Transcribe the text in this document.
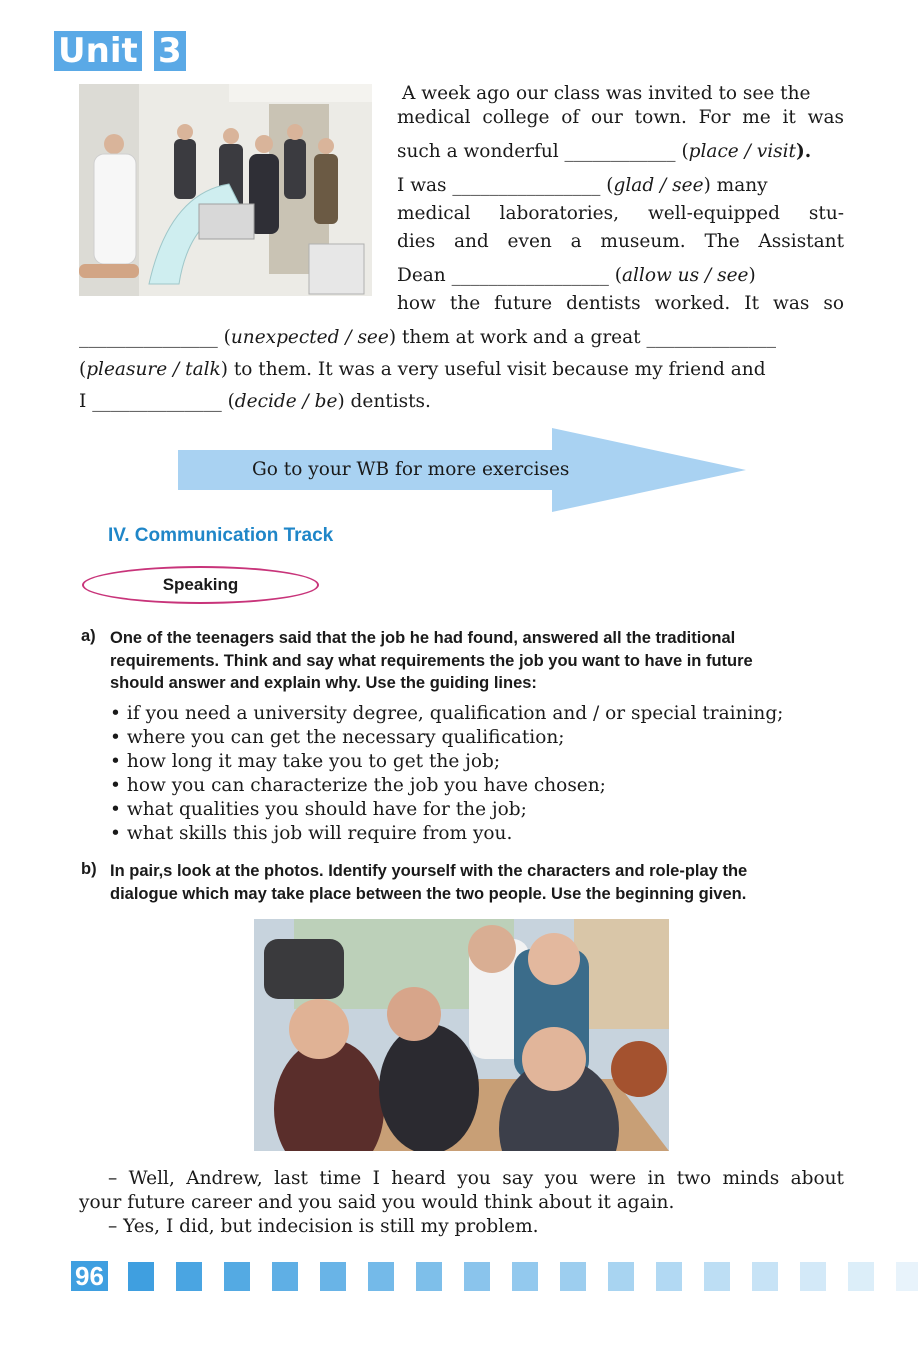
Unit 3
A week ago our class was invited to see the
medical college of our town. For me it was
such a wonderful ____________ (place / visit).
I was ________________ (glad / see) many
medical laboratories, well-equipped stu-
dies and even a museum. The Assistant
Dean _________________ (allow us / see)
how the future dentists worked. It was so
_______________ (unexpected / see) them at work and a great ______________
(pleasure / talk) to them. It was a very useful visit because my friend and
I ______________ (decide / be) dentists.
Go to your WB for more exercises
IV. Communication Track
Speaking
a) One of the teenagers said that the job he had found, answered all the traditional
requirements. Think and say what requirements the job you want to have in future
should answer and explain why. Use the guiding lines:
• if you need a university degree, qualification and / or special training;
• where you can get the necessary qualification;
• how long it may take you to get the job;
• how you can characterize the job you have chosen;
• what qualities you should have for the job;
• what skills this job will require from you.
b) In pair,s look at the photos. Identify yourself with the characters and role-play the
dialogue which may take place between the two people. Use the beginning given.
– Well, Andrew, last time I heard you say you were in two minds about
your future career and you said you would think about it again.
– Yes, I did, but indecision is still my problem.
96
